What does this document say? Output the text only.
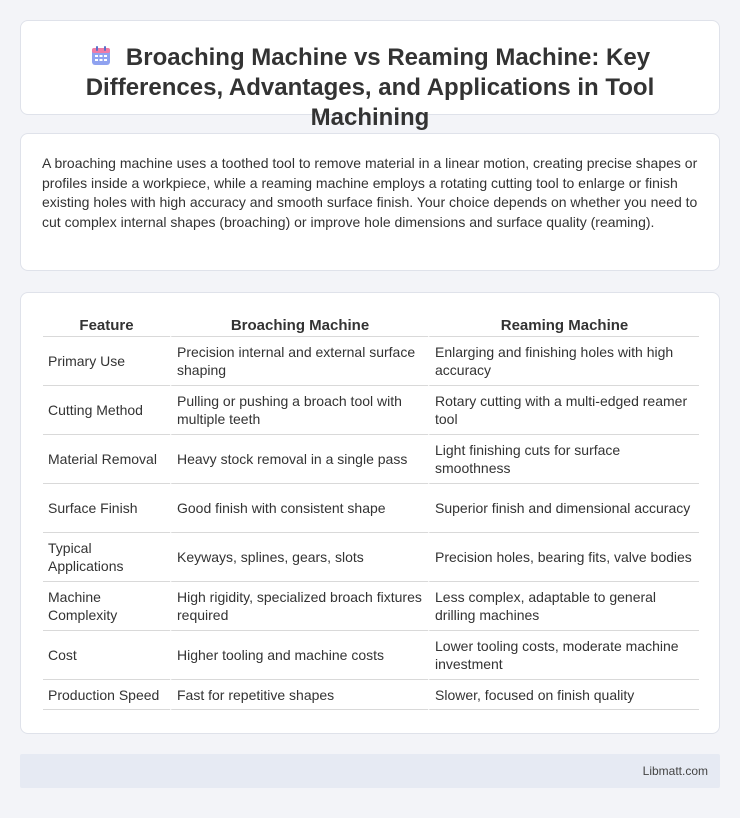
Broaching Machine vs Reaming Machine: Key Differences, Advantages, and Applications in Tool Machining

A broaching machine uses a toothed tool to remove material in a linear motion, creating precise shapes or profiles inside a workpiece, while a reaming machine employs a rotating cutting tool to enlarge or finish existing holes with high accuracy and smooth surface finish. Your choice depends on whether you need to cut complex internal shapes (broaching) or improve hole dimensions and surface quality (reaming).

Feature	Broaching Machine	Reaming Machine
Primary Use	Precision internal and external surface shaping	Enlarging and finishing holes with high accuracy
Cutting Method	Pulling or pushing a broach tool with multiple teeth	Rotary cutting with a multi-edged reamer tool
Material Removal	Heavy stock removal in a single pass	Light finishing cuts for surface smoothness
Surface Finish	Good finish with consistent shape	Superior finish and dimensional accuracy
Typical Applications	Keyways, splines, gears, slots	Precision holes, bearing fits, valve bodies
Machine Complexity	High rigidity, specialized broach fixtures required	Less complex, adaptable to general drilling machines
Cost	Higher tooling and machine costs	Lower tooling costs, moderate machine investment
Production Speed	Fast for repetitive shapes	Slower, focused on finish quality
Libmatt.com
